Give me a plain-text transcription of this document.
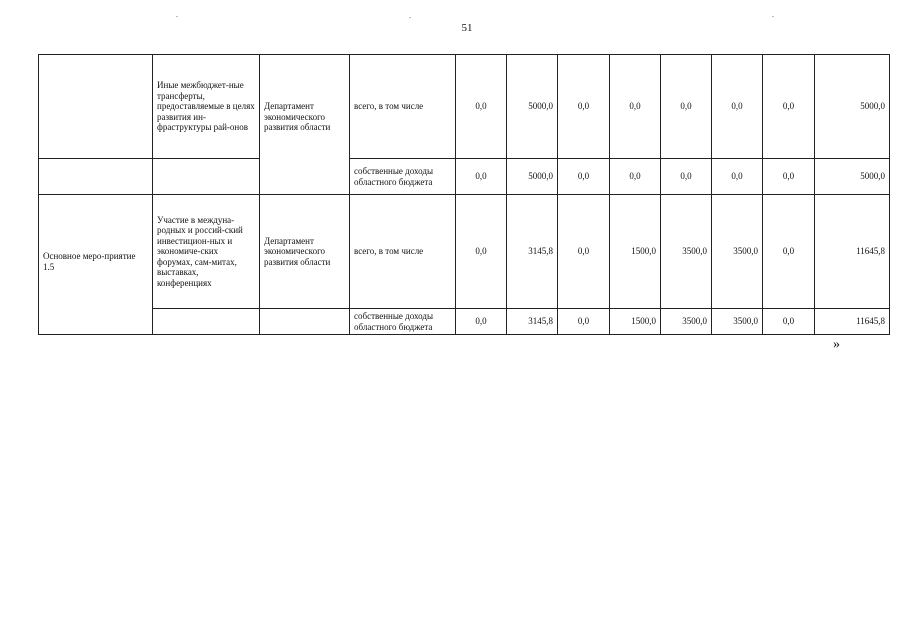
51
	Иные межбюджет-ные трансферты, предоставляемые в целях развития ин-фраструктуры рай-онов	Департамент экономического развития области	всего, в том числе	0,0	5000,0	0,0	0,0	0,0	0,0	0,0	5000,0
			собственные доходы областного бюджета	0,0	5000,0	0,0	0,0	0,0	0,0	0,0	5000,0
Основное меро-приятие 1.5	Участие в междуна-родных и россий-ский инвестицион-ных и экономиче-ских форумах, сам-митах, выставках, конференциях	Департамент экономического развития области	всего, в том числе	0,0	3145,8	0,0	1500,0	3500,0	3500,0	0,0	11645,8
			собственные доходы областного бюджета	0,0	3145,8	0,0	1500,0	3500,0	3500,0	0,0	11645,8
»
